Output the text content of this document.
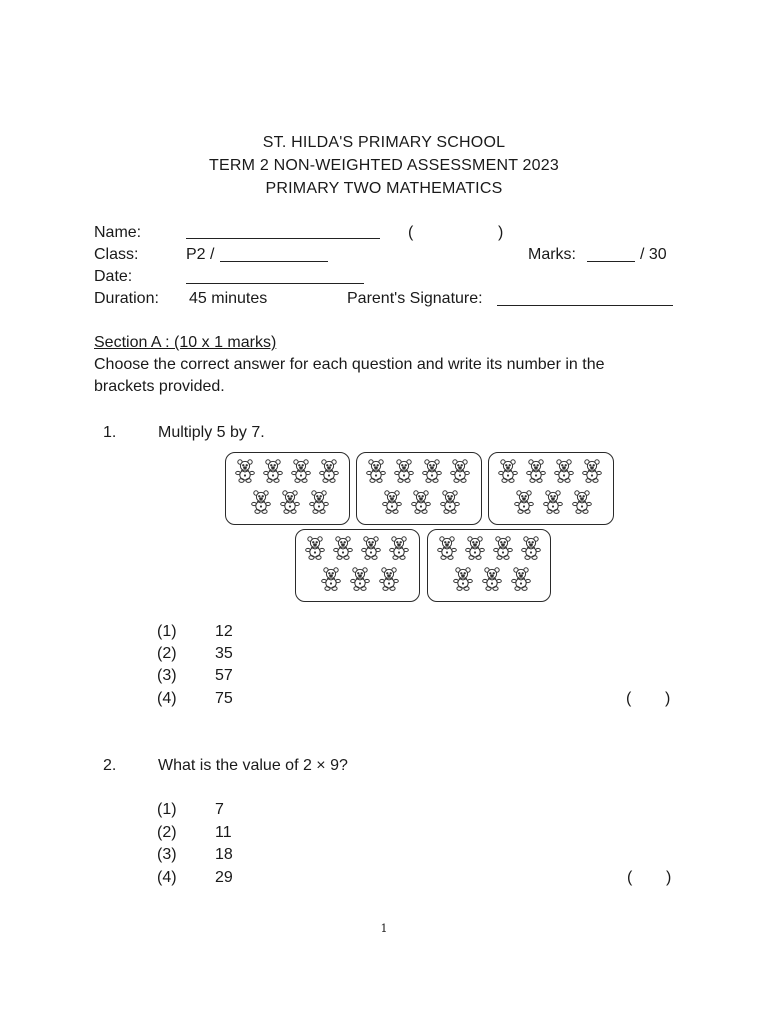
ST. HILDA'S PRIMARY SCHOOL
TERM 2 NON-WEIGHTED ASSESSMENT 2023
PRIMARY TWO MATHEMATICS
Name:	(	)
Class:	P2 /	Marks:	/ 30
Date:
Duration: 45 minutes	Parent's Signature:
Section A : (10 x 1 marks)
Choose the correct answer for each question and write its number in the
brackets provided.
1.	Multiply 5 by 7.
(1) 12
(2) 35
(3) 57
(4) 75	( )
2.	What is the value of 2 × 9?
(1) 7
(2) 11
(3) 18
(4) 29	( )
1
